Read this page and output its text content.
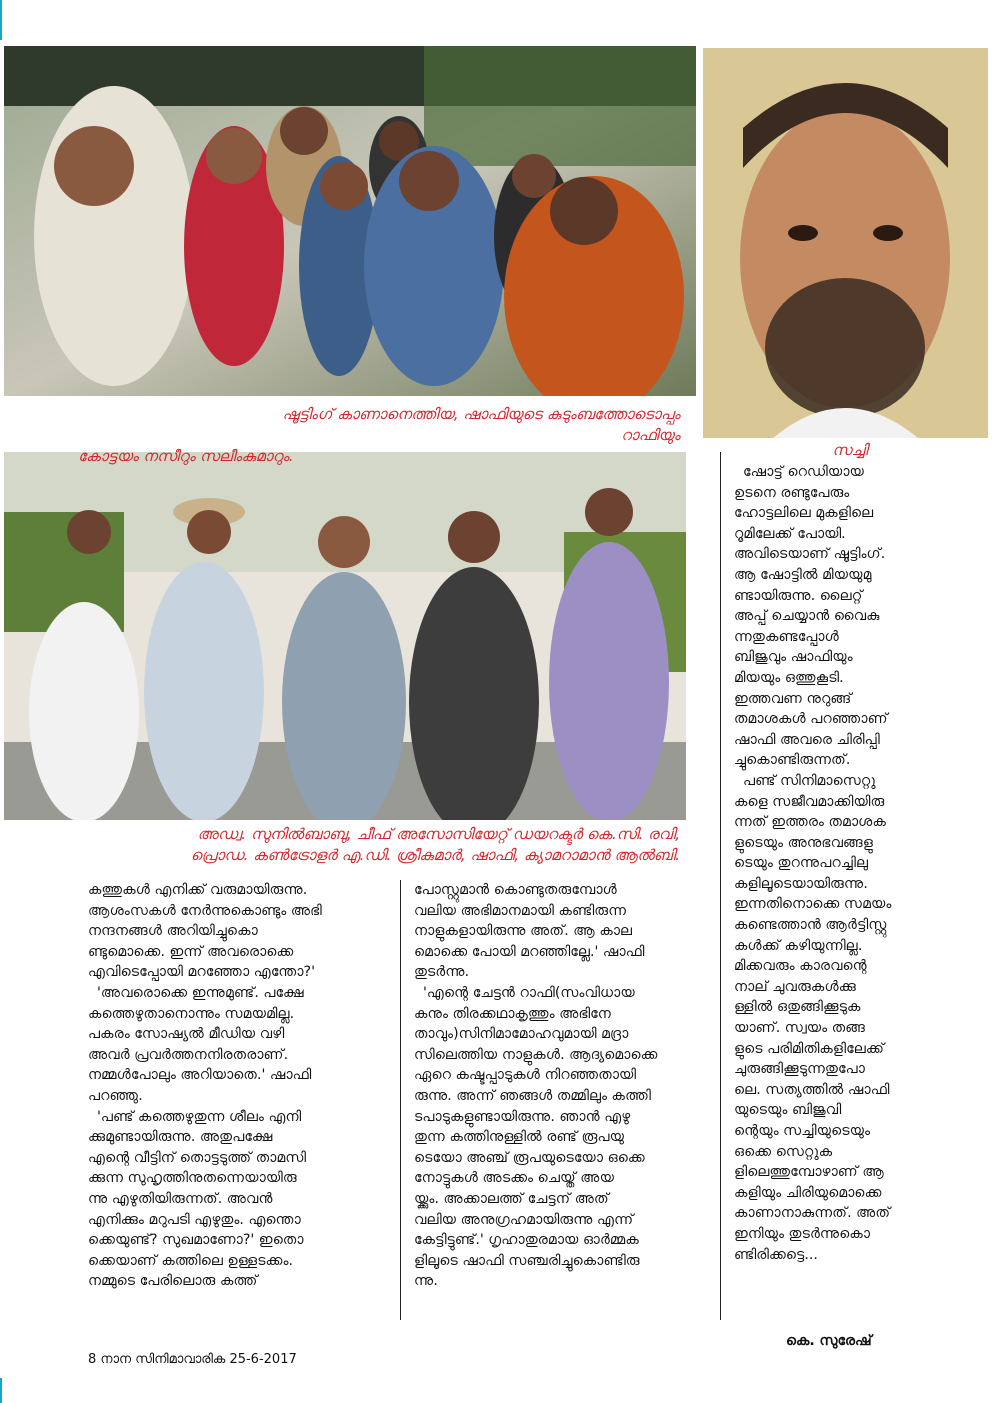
ഷൂട്ടിംഗ് കാണാനെത്തിയ, ഷാഫിയുടെ കുടുംബത്തോടൊപ്പം റാഫിയും
കോട്ടയം നസീറും സലീംകുമാറും.	സച്ചി
അഡ്വ. സുനിൽബാബു, ചീഫ് അസോസിയേറ്റ് ഡയറക്ടർ കെ.സി. രവി,
പ്രൊഡ. കൺട്രോളർ എ.ഡി. ശ്രീകുമാർ, ഷാഫി, ക്യാമറാമാൻ ആൽബി.

കത്തുകൾ എനിക്ക് വരുമായിരുന്നു.

ആശംസകൾ നേർന്നുകൊണ്ടും അഭി

നന്ദനങ്ങൾ അറിയിച്ചുകൊ

ണ്ടുമൊക്കെ. ഇന്ന് അവരൊക്കെ

എവിടെപ്പോയി മറഞ്ഞോ എന്തോ?'

'അവരൊക്കെ ഇന്നുമുണ്ട്. പക്ഷേ

കത്തെഴുതാനൊന്നും സമയമില്ല.

പകരം സോഷ്യൽ മീഡിയ വഴി

അവർ പ്രവർത്തനനിരതരാണ്.

നമ്മൾപോലും അറിയാതെ.' ഷാഫി

പറഞ്ഞു.

'പണ്ട് കത്തെഴുതുന്ന ശീലം എനി

ക്കുമുണ്ടായിരുന്നു. അതുപക്ഷേ

എന്റെ വീട്ടിന് തൊട്ടടുത്ത് താമസി

ക്കുന്ന സുഹൃത്തിനുതന്നെയായിരു

ന്നു എഴുതിയിരുന്നത്. അവൻ

എനിക്കും മറുപടി എഴുതും. എന്തൊ

ക്കെയുണ്ട്? സുഖമാണോ?' ഇതൊ

ക്കെയാണ് കത്തിലെ ഉള്ളടക്കം.

നമ്മുടെ പേരിലൊരു കത്ത്

പോസ്റ്റുമാൻ കൊണ്ടുതരുമ്പോൾ

വലിയ അഭിമാനമായി കണ്ടിരുന്ന

നാളുകളായിരുന്നു അത്. ആ കാല

മൊക്കെ പോയി മറഞ്ഞില്ലേ.' ഷാഫി

തുടർന്നു.

'എന്റെ ചേട്ടൻ റാഫി(സംവിധായ

കനും തിരക്കഥാകൃത്തും അഭിനേ

താവും)സിനിമാമോഹവുമായി മദ്രാ

സിലെത്തിയ നാളുകൾ. ആദ്യമൊക്കെ

ഏറെ കഷ്ടപ്പാടുകൾ നിറഞ്ഞതായി

രുന്നു. അന്ന് ഞങ്ങൾ തമ്മിലും കത്തി

ടപാടുകളുണ്ടായിരുന്നു. ഞാൻ എഴു

തുന്ന കത്തിനുള്ളിൽ രണ്ട് രൂപയു

ടെയോ അഞ്ച് രൂപയുടെയോ ഒക്കെ

നോട്ടുകൾ അടക്കം ചെയ്ത് അയ

യ്ക്കും. അക്കാലത്ത് ചേട്ടന് അത്

വലിയ അനുഗ്രഹമായിരുന്നു എന്ന്

കേട്ടിട്ടുണ്ട്.' ഗൃഹാതുരമായ ഓർമ്മക

ളിലൂടെ ഷാഫി സഞ്ചരിച്ചുകൊണ്ടിരു

ന്നു.

ഷോട്ട് റെഡിയായ

ഉടനെ രണ്ടുപേരും

ഹോട്ടലിലെ മുകളിലെ

റൂമിലേക്ക് പോയി.

അവിടെയാണ് ഷൂട്ടിംഗ്.

ആ ഷോട്ടിൽ മിയയുമു

ണ്ടായിരുന്നു. ലൈറ്റ്

അപ്പ് ചെയ്യാൻ വൈകു

ന്നതുകണ്ടപ്പോൾ

ബിജുവും ഷാഫിയും

മിയയും ഒത്തുകൂടി.

ഇത്തവണ നുറുങ്ങ്

തമാശകൾ പറഞ്ഞാണ്

ഷാഫി അവരെ ചിരിപ്പി

ച്ചുകൊണ്ടിരുന്നത്.

പണ്ട് സിനിമാസെറ്റു

കളെ സജീവമാക്കിയിരു

ന്നത് ഇത്തരം തമാശക

ളുടെയും അനുഭവങ്ങളു

ടെയും തുറന്നുപറച്ചിലു

കളിലൂടെയായിരുന്നു.

ഇന്നതിനൊക്കെ സമയം

കണ്ടെത്താൻ ആർട്ടിസ്റ്റു

കൾക്ക് കഴിയുന്നില്ല.

മിക്കവരും കാരവന്റെ

നാല് ചുവരുകൾക്കു

ള്ളിൽ ഒതുങ്ങിക്കൂടുക

യാണ്. സ്വയം തങ്ങ

ളുടെ പരിമിതികളിലേക്ക്

ചുരുങ്ങിക്കൂടുന്നതുപോ

ലെ. സത്യത്തിൽ ഷാഫി

യുടെയും ബിജുവി

ന്റെയും സച്ചിയുടെയും

ഒക്കെ സെറ്റുക

ളിലെത്തുമ്പോഴാണ് ആ

കളിയും ചിരിയുമൊക്കെ

കാണാനാകുന്നത്. അത്

ഇനിയും തുടർന്നുകൊ

ണ്ടിരിക്കട്ടെ...

കെ. സുരേഷ്
8 നാന സിനിമാവാരിക 25-6-2017
